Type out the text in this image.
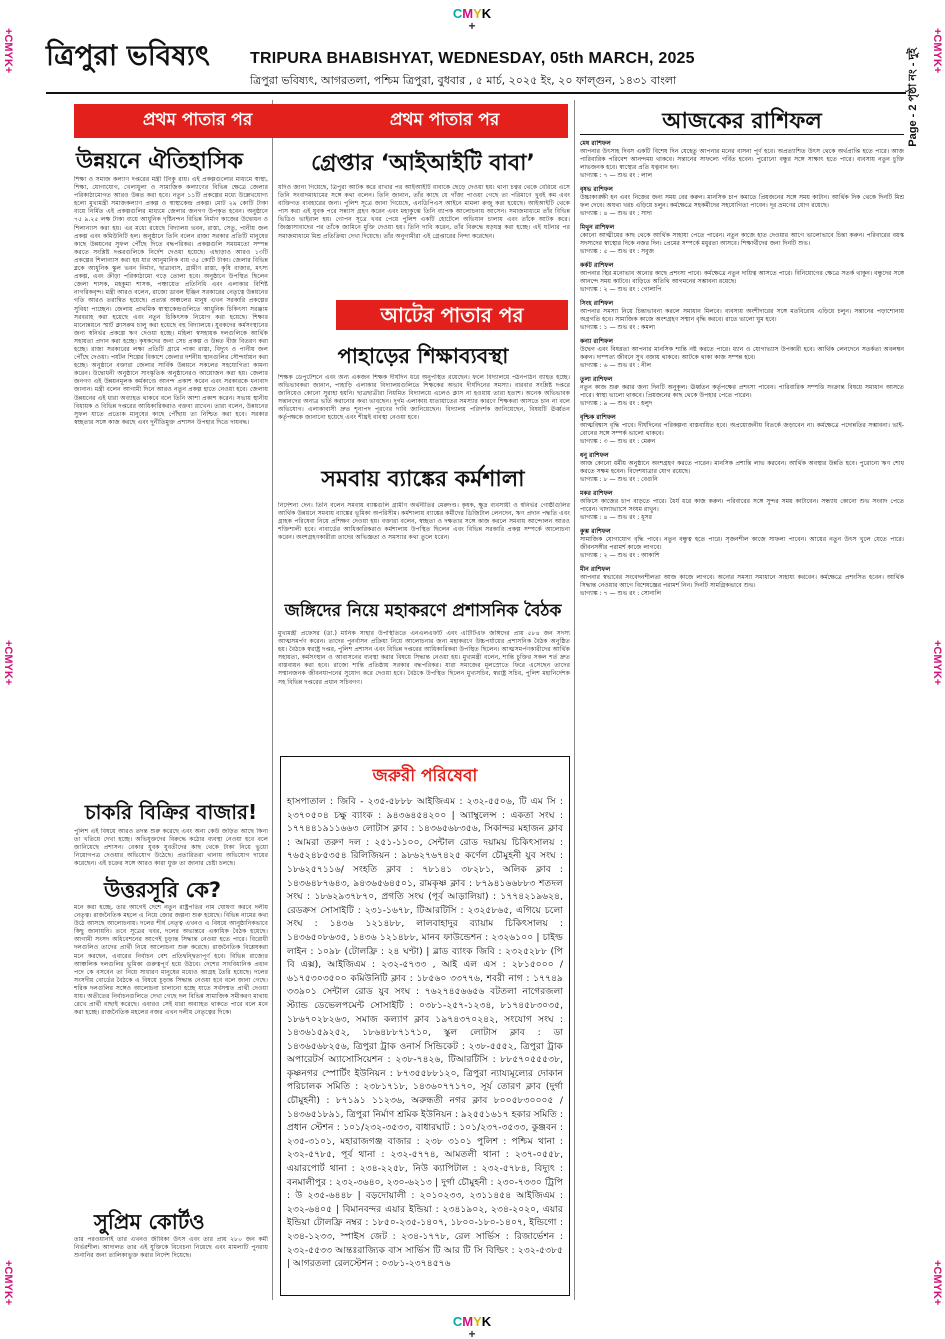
CMYK
+
CMYK
+
+CMYK+
+CMYK+
+CMYK+
+CMYK+
+CMYK+
+CMYK+
ত্রিপুরা ভবিষ্যৎ	TRIPURA BHABISHYAT, WEDNESDAY, 05th MARCH, 2025
ত্রিপুরা ভবিষ্যৎ, আগরতলা, পশ্চিম ত্রিপুরা, বুধবার , ৫ মার্চ, ২০২৫ ইং, ২০ ফাল্গুন, ১৪৩১ বাংলা	Page - 2 পৃষ্ঠা নং - দুই
প্রথম পাতার পর	প্রথম পাতার পর
উন্নয়নে ঐতিহাসিক
শিক্ষা ও সমাজ কল্যাণ দপ্তরের মন্ত্রী টিংকু রায়। এই প্রকল্পগুলোর মাধ্যমে স্বাস্থ্য, শিক্ষা, যোগাযোগ, খেলাধুলা ও সামাজিক কল্যাণের বিভিন্ন ক্ষেত্রে জেলার পরিকাঠামোগত আরও উন্নত করা হবে। নতুন ১১টি প্রকল্পের মধ্যে উল্লেখযোগ্য হলো মুখ্যমন্ত্রী সমাজকল্যাণ প্রকল্প ও স্বাস্থ্যকেন্দ্র প্রকল্প। মোট ২৯ কোটি টাকা ব্যয়ে নির্মিত এই প্রকল্পগুলির মাধ্যমে জেলার জনগণ উপকৃত হবেন। অনুষ্ঠানে ৭৫ ৯.২৫ লক্ষ টাকা ব্যয়ে আধুনিক দৃষ্টিনন্দন বিভিন্ন নির্মাণ কাজের উদ্বোধন ও শিলান্যাস করা হয়। এর মধ্যে রয়েছে বিদ্যালয় ভবন, রাস্তা, সেতু, পানীয় জল প্রকল্প এবং কমিউনিটি হল। অনুষ্ঠানে তিনি বলেন রাজ্য সরকার প্রতিটি মানুষের কাছে উন্নয়নের সুফল পৌঁছে দিতে বদ্ধপরিকর। প্রকল্পগুলি সময়মতো সম্পন্ন করতে সংশ্লিষ্ট দপ্তরগুলিকে নির্দেশ দেওয়া হয়েছে। এছাড়াও আরও ১৩টি প্রকল্পের শিলান্যাস করা হয় যার আনুমানিক ব্যয় ৩৫ কোটি টাকা। জেলার বিভিন্ন ব্লকে আধুনিক স্কুল ভবন নির্মাণ, ছাত্রাবাস, গ্রামীণ রাস্তা, কৃষি বাজার, মৎস্য প্রকল্প, এবং ক্রীড়া পরিকাঠামো গড়ে তোলা হবে। অনুষ্ঠানে উপস্থিত ছিলেন জেলা শাসক, মহকুমা শাসক, পঞ্চায়েত প্রতিনিধি এবং এলাকার বিশিষ্ট নাগরিকবৃন্দ। মন্ত্রী আরও বলেন, রাজ্যে ডাবল ইঞ্জিন সরকারের নেতৃত্বে উন্নয়নের গতি আরও তরান্বিত হয়েছে। প্রত্যন্ত অঞ্চলের মানুষ এখন সরকারি প্রকল্পের সুবিধা পাচ্ছেন। জেলায় প্রাথমিক স্বাস্থ্যকেন্দ্রগুলিতে আধুনিক চিকিৎসা সরঞ্জাম সরবরাহ করা হয়েছে এবং নতুন চিকিৎসক নিয়োগ করা হয়েছে। শিক্ষার মানোন্নয়নে স্মার্ট ক্লাসরুম চালু করা হয়েছে বহু বিদ্যালয়ে। যুবকদের কর্মসংস্থানের জন্য স্বনির্ভর প্রকল্পে ঋণ দেওয়া হচ্ছে। মহিলা স্বসহায়ক দলগুলিকে আর্থিক সহায়তা প্রদান করা হচ্ছে। কৃষকদের জন্য সেচ প্রকল্প ও উন্নত বীজ বিতরণ করা হচ্ছে। রাজ্য সরকারের লক্ষ্য প্রতিটি গ্রামে পাকা রাস্তা, বিদ্যুৎ ও পানীয় জল পৌঁছে দেওয়া। পর্যটন শিল্পের বিকাশে জেলার দর্শনীয় স্থানগুলির সৌন্দর্যায়ন করা হচ্ছে। অনুষ্ঠানে বক্তারা জেলার সার্বিক উন্নয়নে সকলের সহযোগিতা কামনা করেন। উদ্বোধনী অনুষ্ঠানে সাংস্কৃতিক অনুষ্ঠানেরও আয়োজন করা হয়। জেলার জনগণ এই উন্নয়নমূলক কর্মকাণ্ডে আনন্দ প্রকাশ করেন এবং সরকারকে ধন্যবাদ জানান। মন্ত্রী বলেন আগামী দিনে আরও নতুন প্রকল্প হাতে নেওয়া হবে। জেলায় উন্নয়নের এই ধারা অব্যাহত থাকবে বলে তিনি আশা প্রকাশ করেন। সভায় স্থানীয় বিধায়ক ও বিভিন্ন দপ্তরের আধিকারিকরাও বক্তব্য রাখেন। তারা বলেন, উন্নয়নের সুফল যাতে প্রত্যেক মানুষের কাছে পৌঁছায় তা নিশ্চিত করা হবে। সরকার স্বচ্ছতার সঙ্গে কাজ করছে এবং দুর্নীতিমুক্ত প্রশাসন উপহার দিতে দায়বদ্ধ।
চাকরি বিক্রির বাজার!
পুলিশ এই বিষয়ে আরও তদন্ত শুরু করেছে এবং অন্য কেউ জড়িত আছে কিনা তা খতিয়ে দেখা হচ্ছে। অভিযুক্তদের বিরুদ্ধে কঠোর ব্যবস্থা নেওয়া হবে বলে জানিয়েছে প্রশাসন। বেকার যুবক যুবতীদের কাছ থেকে টাকা নিয়ে ভুয়ো নিয়োগপত্র দেওয়ার অভিযোগ উঠেছে। প্রতারিতরা থানায় অভিযোগ দায়ের করেছেন। এই চক্রের সঙ্গে আরও কারা যুক্ত তা জানার চেষ্টা চলছে।
উত্তরসূরি কে?
মনে করা হচ্ছে, তার আগেই দেশে নতুন রাষ্ট্রপতির নাম ঘোষণা করবে দলীয় নেতৃত্ব। রাজনৈতিক মহলে এ নিয়ে জোর জল্পনা শুরু হয়েছে। বিভিন্ন নামের কথা উঠে আসছে আলোচনায়। দলের শীর্ষ নেতৃত্ব এখনও এ বিষয়ে আনুষ্ঠানিকভাবে কিছু জানায়নি। তবে সূত্রের খবর, দলের অভ্যন্তরে একাধিক বৈঠক হয়েছে। আগামী সংসদ অধিবেশনের আগেই চূড়ান্ত সিদ্ধান্ত নেওয়া হতে পারে। বিরোধী দলগুলিও তাদের প্রার্থী নিয়ে আলোচনা শুরু করেছে। রাজনৈতিক বিশ্লেষকরা মনে করছেন, এবারের নির্বাচন বেশ প্রতিদ্বন্দ্বিতাপূর্ণ হবে। বিভিন্ন রাজ্যের আঞ্চলিক দলগুলির ভূমিকা গুরুত্বপূর্ণ হয়ে উঠবে। দেশের সাংবিধানিক প্রধান পদে কে বসবেন তা নিয়ে সাধারণ মানুষের মধ্যেও আগ্রহ তৈরি হয়েছে। দলের সংসদীয় বোর্ডের বৈঠকে এ বিষয়ে চূড়ান্ত সিদ্ধান্ত নেওয়া হবে বলে জানা গেছে। শরিক দলগুলির সঙ্গেও আলোচনা চালানো হচ্ছে যাতে সর্বসম্মত প্রার্থী দেওয়া যায়। অতীতের নির্বাচনগুলিতে দেখা গেছে দল বিভিন্ন সামাজিক সমীকরণ মাথায় রেখে প্রার্থী বাছাই করেছে। এবারও সেই ধারা অব্যাহত থাকতে পারে বলে মনে করা হচ্ছে। রাজনৈতিক মহলের নজর এখন দলীয় নেতৃত্বের দিকে।
সুপ্রিম কোর্টও
তার পরওয়ানাই তার এখনও জীবিকা উৎস এবং তার প্রায় ২৮০ জন কর্মী নির্ভরশীল। আদালত তার এই যুক্তিকে বিবেচনা নিয়েছে এবং মামলাটি পুনরায় শুনানির জন্য তালিকাভুক্ত করার নির্দেশ দিয়েছে।
গ্রেপ্তার ‘আইআইটি বাবা’
যদিও জানা গিয়েছে, ত্রিপুরা আটক করে রাখার পর আইআইটি বাবাকে ছেড়ে দেওয়া হয়। থানা চত্বর থেকে বেরিয়ে এসে তিনি সংবাদমাধ্যমের সঙ্গে কথা বলেন। তিনি জানান, তাঁর কাছে যে গাঁজা পাওয়া গেছে তা পরিমাণে খুবই কম এবং ব্যক্তিগত ব্যবহারের জন্য। পুলিশ সূত্রে জানা গিয়েছে, এনডিপিএস আইনে মামলা রুজু করা হয়েছে। আইআইটি থেকে পাস করা এই যুবক পরে সন্ন্যাস গ্রহণ করেন এবং মহাকুম্ভে তিনি ব্যাপক আলোচনায় আসেন। সমাজমাধ্যমে তাঁর বিভিন্ন ভিডিও ভাইরাল হয়। গোপন সূত্রে খবর পেয়ে পুলিশ একটি হোটেলে অভিযান চালায় এবং তাঁকে আটক করে। জিজ্ঞাসাবাদের পর তাঁকে জামিনে মুক্তি দেওয়া হয়। তিনি দাবি করেন, তাঁর বিরুদ্ধে ষড়যন্ত্র করা হচ্ছে। এই ঘটনার পর সমাজমাধ্যমে মিশ্র প্রতিক্রিয়া দেখা দিয়েছে। তাঁর অনুগামীরা এই গ্রেপ্তারের নিন্দা করেছেন।
আটের পাতার পর
পাহাড়ের শিক্ষাব্যবস্থা
শিক্ষক ডেপুটেশনে এবং অন্য একজন শিক্ষক দীর্ঘদিন ধরে অনুপস্থিত রয়েছেন। ফলে বিদ্যালয়ে পঠনপাঠন ব্যাহত হচ্ছে। অভিভাবকরা জানান, পাহাড়ি এলাকার বিদ্যালয়গুলিতে শিক্ষকের অভাব দীর্ঘদিনের সমস্যা। বারবার সংশ্লিষ্ট দপ্তরে জানিয়েও কোনো সুরাহা হয়নি। ছাত্রছাত্রীরা নিয়মিত বিদ্যালয়ে এলেও ক্লাস না হওয়ায় তারা হতাশ। অনেক অভিভাবক সন্তানদের অন্যত্র ভর্তি করানোর কথা ভাবছেন। দুর্গম এলাকায় যাতায়াতের সমস্যার কারণে শিক্ষকরা আসতে চান না বলে অভিযোগ। এলাকাবাসী দ্রুত শূন্যপদ পূরণের দাবি জানিয়েছেন। বিদ্যালয় পরিদর্শক জানিয়েছেন, বিষয়টি ঊর্ধ্বতন কর্তৃপক্ষকে জানানো হয়েছে এবং শীঘ্রই ব্যবস্থা নেওয়া হবে।
সমবায় ব্যাঙ্কের কর্মশালা
নির্দেশনা দেন। তিনি বলেন সমবায় ব্যাঙ্কগুলি গ্রামীণ অর্থনীতির মেরুদণ্ড। কৃষক, ক্ষুদ্র ব্যবসায়ী ও স্বনির্ভর গোষ্ঠীগুলির আর্থিক উন্নয়নে সমবায় ব্যাঙ্কের ভূমিকা অপরিসীম। কর্মশালায় ব্যাঙ্কের কর্মীদের ডিজিটাল লেনদেন, ঋণ প্রদান পদ্ধতি এবং গ্রাহক পরিষেবা নিয়ে প্রশিক্ষণ দেওয়া হয়। বক্তারা বলেন, স্বচ্ছতা ও দক্ষতার সঙ্গে কাজ করলে সমবায় আন্দোলন আরও শক্তিশালী হবে। নাবার্ডের আধিকারিকরাও কর্মশালায় উপস্থিত ছিলেন এবং বিভিন্ন সরকারি প্রকল্প সম্পর্কে আলোচনা করেন। অংশগ্রহণকারীরা তাদের অভিজ্ঞতা ও সমস্যার কথা তুলে ধরেন।
জঙ্গিদের নিয়ে মহাকরণে প্রশাসনিক বৈঠক
মুখ্যমন্ত্রী প্রফেসর (ডা.) মানিক সাহার উপস্থিতিতে এনএলএফটি এবং এটিটিএফ জঙ্গিদের প্রায় ৫৮৪ জন সদস্য আত্মসমর্পণ করেন। তাদের পুনর্বাসন প্রক্রিয়া নিয়ে আলোচনার জন্য মহাকরণে উচ্চপর্যায়ের প্রশাসনিক বৈঠক অনুষ্ঠিত হয়। বৈঠকে স্বরাষ্ট্র দপ্তর, পুলিশ প্রশাসন এবং বিভিন্ন দপ্তরের আধিকারিকরা উপস্থিত ছিলেন। আত্মসমর্পণকারীদের আর্থিক সহায়তা, কর্মসংস্থান ও আবাসনের ব্যবস্থা করার বিষয়ে সিদ্ধান্ত নেওয়া হয়। মুখ্যমন্ত্রী বলেন, শান্তি চুক্তির সকল শর্ত দ্রুত বাস্তবায়ন করা হবে। রাজ্যে শান্তি প্রতিষ্ঠায় সরকার বদ্ধপরিকর। যারা সমাজের মূলস্রোতে ফিরে এসেছেন তাদের সম্মানজনক জীবনযাপনের সুযোগ করে দেওয়া হবে। বৈঠকে উপস্থিত ছিলেন মুখ্যসচিব, স্বরাষ্ট্র সচিব, পুলিশ মহানির্দেশক সহ বিভিন্ন দপ্তরের প্রধান সচিবগণ।
জরুরী পরিষেবা
হাসপাতাল : জিবি - ২৩৫-৫৮৮৮ আইজিএম : ২৩২-৫৫০৬, টি এম সি : ২৩৭০৫০৪ চক্ষু ব্যাংক : ৯৪৩৬৪৫৪২০০ | অ্যাম্বুলেন্স : একতা সংঘ : ১৭৭৪৪১৯১১৬৬৩ লোটাস ক্লাব : ১৪৩৬৫৬৮৩৫৬, সিকান্দর মহাজন ক্লাব : আমরা তরুণ দল : ২৫১-১১০০, সেন্টাল রোড দয়াময় চিকিৎসালয় : ৭৬৫২৪৮৫৩৫৪ রিলিজিয়ন : ৯৮৬২৭৬৭৪২৫ কর্ণেল চৌমুহনী যুব সংঘ : ১৮৬২৫৭১১৬/ সংহতি ক্লাব : ৭৮১৪১ ৩৮২৮১, অলিক ক্লাব : ১৪৩৬৪৮৭৬৪৩, ৯৪৩৬৫৬৪৫০১, রামকৃষ্ণ ক্লাব : ৮৭৯৪১৬৬৮৮৩ শতদল সংঘ : ১৮৬২৯৩৭৮৭০, প্রগতি সংঘ (পূর্ব আড়ালিয়া) : ১৭৭৪২১৯৬২৪, রেডক্রস সোসাইটি : ২৩১-১৬৭৮, টিআরটিসি : ২৩২৫৮৬৫, এগিয়ে চলো সংঘ : ১৪৩৬ ১২১৪৮৮, লালবাহাদুর ব্যায়াম চিকিৎসালয় : ১৪৩৬৫০৮৬৩৫, ১৪৩৬ ১২১৪৮৮, মানব ফাউন্ডেশন : ২৩২৬১০০ | চাইল্ড লাইন : ১০৯৮ (টোলফ্রি : ২৪ ঘণ্টা) | ব্লাড ব্যাংক জিবি : ২৩২৫২৮৮ (পি বি এক্স), আইজিএম : ২৩২-৫৭৩৩ , আই এল এস : ২৮১৫০০০ / ৬১৭৫৩০৩৫০০ কমিউনিটি ক্লাব : ১৮৫৬০ ৩৩৭৭৬, শবরী নাগ : ১৭৭৪৯ ৩৩৯০১ সেন্টাল রোড যুব সংঘ : ৭৬২৭৪৫৬৬৫৬ বটতলা নাগেরজলা স্ট্যান্ড ডেভেলপমেন্ট সোসাইটি : ০৩৮১-২৫৭-১২৩৪, ৮১৭৪৫৮৩০৩৫, ১৮৬৭০২৮২৬৩, সমাজ কল্যাণ ক্লাব ১৯৭৪৩৭০২৪২, সংযোগ সংঘ : ১৪৩৬১৫৯২৫২, ১৮৬৪৮৮৭১৭১০, স্কুল লোটাস ক্লাব : ডা ১৪৩৬৫৬৮২৫৬, ত্রিপুরা ট্রাক ওনার্স সিন্ডিকেট : ২৩৮-৫৫৫২, ত্রিপুরা ট্রাক অপারেটর্স অ্যাসোসিয়েশন : ২৩৮-৭৪২৬, টিআরটিসি : ৮৮৫৭০৫৫৫৩৮, কৃষ্ণনগর স্পোর্টিং ইউনিয়ন : ৮৭৩৫৫৮৮১২০, ত্রিপুরা ন্যায্যমূল্যের দোকান পরিচালক সমিতি : ২৩৮১৭১৮, ১৪৩৬০৭৭১৭০, সূর্য তোরণ ক্লাব (দুর্গা চৌমুহনী) : ৮৭১৯১ ১১২৩৬, অরুন্ধতী নগর ক্লাব ৮০০৫৮৩০০০৫ / ১৪৩৬৫১৮৯১, ত্রিপুরা নির্মাণ শ্রমিক ইউনিয়ন : ৯২৫৫১৬১৭ হকার সমিতি : প্রধান স্টেশন : ১০১/২৩২-৩৫৩৩, বাধারঘাট : ১০১/২৩৭-৩৫৩৩, কুঞ্জবন : ২৩৫-৩১০১, মহারাজগঞ্জ বাজার : ২৩৮ ৩১০১ পুলিশ : পশ্চিম থানা : ২৩২-৫৭৮৫, পূর্ব থানা : ২৩২-৫৭৭৪, আমতলী থানা : ২৩৭-০৫৫৮, এয়ারপোর্ট থানা : ২৩৪-২২৫৮, নিউ ক্যাপিটাল : ২৩২-৫৭৮৪, বিদ্যুৎ : বনমালীপুর : ২৩২-৩৬৪০, ২৩০-৬২১৩ | দুর্গা চৌমুহনী : ২৩০-৭৩৩০ ট্রিপি : উ ২৩৫-৬৪৪৮ | বড়দোয়ালী : ২০১০২৩৩, ২৩১১৪৫৪ আইজিএম : ২৩২-৬৪০৫ | বিমানবন্দর এয়ার ইন্ডিয়া : ২৩৪১৯০২, ২৩৪-২০২০, এয়ার ইন্ডিয়া টোলফ্রি নম্বর : ১৮৫০-২৩৫-১৪০৭, ১৮০০-১৮০-১৪০৭, ইন্ডিগো : ২৩৪-১২৩৩, স্পাইস জেট : ২৩৪-১৭৭৮, রেল সার্ভিস : রিজার্ভেশন : ২৩২-৫৫৩৩ আন্তঃরাজ্যিক বাস সার্ভিস টি আর টি সি বিল্ডিং : ২৩২-৫৩৮৫ | আগরতলা রেলস্টেশন : ০৩৮১-২৩৭৪৫৭৬
আজকের রাশিফল
মেষ রাশিফল
আপনার উৎসাহ দিবস একটি বিশেষ দিন যেহেতু আপনার মনের বাসনা পূর্ণ হবে। অপ্রত্যাশিত উৎস থেকে অর্থপ্রাপ্তি হতে পারে। আজ পারিবারিক পরিবেশ আনন্দময় থাকবে। সন্তানের সাফল্যে গর্বিত হবেন। পুরোনো বন্ধুর সঙ্গে সাক্ষাৎ হতে পারে। ব্যবসায় নতুন চুক্তি লাভজনক হবে। স্বাস্থ্যের প্রতি যত্নবান হন।
ভাগ্যাঙ্ক : ৭ — শুভ রং : লাল
বৃষভ রাশিফল
উচ্চাকাঙ্ক্ষী হন এবং নিজের জন্য সময় বের করুন। মানসিক চাপ কমাতে প্রিয়জনের সঙ্গে সময় কাটান। আর্থিক দিক থেকে দিনটি মিশ্র ফল দেবে। অযথা খরচ এড়িয়ে চলুন। কর্মক্ষেত্রে সহকর্মীদের সহযোগিতা পাবেন। দূর ভ্রমণের যোগ রয়েছে।
ভাগ্যাঙ্ক : ৪ — শুভ রং : সাদা
মিথুন রাশিফল
কোনো আত্মীয়ের কাছ থেকে আর্থিক সাহায্য পেতে পারেন। নতুন কাজে হাত দেওয়ার আগে ভালোভাবে চিন্তা করুন। পরিবারের বয়স্ক সদস্যদের স্বাস্থ্যের দিকে নজর দিন। প্রেমের সম্পর্কে মধুরতা আসবে। শিক্ষার্থীদের জন্য দিনটি শুভ।
ভাগ্যাঙ্ক : ৫ — শুভ রং : সবুজ
কর্কট রাশিফল
আপনার স্থির মনোভাব অন্যের কাছে প্রশংসা পাবে। কর্মক্ষেত্রে নতুন দায়িত্ব আসতে পারে। বিনিয়োগের ক্ষেত্রে সতর্ক থাকুন। বন্ধুদের সঙ্গে আনন্দে সময় কাটবে। বাড়িতে অতিথি আগমনের সম্ভাবনা রয়েছে।
ভাগ্যাঙ্ক : ২ — শুভ রং : গোলাপি
সিংহ রাশিফল
আপনার সমস্যা নিয়ে চিন্তাভাবনা করলে সমাধান মিলবে। ব্যবসায় অংশীদারের সঙ্গে মতবিরোধ এড়িয়ে চলুন। সন্তানের পড়াশোনায় অগ্রগতি হবে। সামাজিক কাজে অংশগ্রহণ সম্মান বৃদ্ধি করবে। রাতে ভালো ঘুম হবে।
ভাগ্যাঙ্ক : ১ — শুভ রং : কমলা
কন্যা রাশিফল
উদ্বেগ এবং বিষণ্ণতা আপনার মানসিক শান্তি নষ্ট করতে পারে। ধ্যান ও যোগাভ্যাস উপকারী হবে। আর্থিক লেনদেনে সতর্কতা অবলম্বন করুন। দাম্পত্য জীবনে সুখ বজায় থাকবে। আটকে থাকা কাজ সম্পন্ন হবে।
ভাগ্যাঙ্ক : ৬ — শুভ রং : নীল
তুলা রাশিফল
নতুন কাজ শুরু করার জন্য দিনটি অনুকূল। ঊর্ধ্বতন কর্তৃপক্ষের প্রশংসা পাবেন। পারিবারিক সম্পত্তি সংক্রান্ত বিষয়ে সমাধান আসতে পারে। স্বাস্থ্য ভালো থাকবে। প্রিয়জনের কাছ থেকে উপহার পেতে পারেন।
ভাগ্যাঙ্ক : ৯ — শুভ রং : হলুদ
বৃশ্চিক রাশিফল
আত্মবিশ্বাস বৃদ্ধি পাবে। দীর্ঘদিনের পরিকল্পনা বাস্তবায়িত হবে। অপ্রয়োজনীয় বিতর্কে জড়াবেন না। কর্মক্ষেত্রে পদোন্নতির সম্ভাবনা। ভাই-বোনের সঙ্গে সম্পর্ক ভালো থাকবে।
ভাগ্যাঙ্ক : ৩ — শুভ রং : মেরুন
ধনু রাশিফল
আজ কোনো ধর্মীয় অনুষ্ঠানে অংশগ্রহণ করতে পারেন। মানসিক প্রশান্তি লাভ করবেন। আর্থিক অবস্থার উন্নতি হবে। পুরোনো ঋণ শোধ করতে সক্ষম হবেন। বিদেশযাত্রার যোগ রয়েছে।
ভাগ্যাঙ্ক : ৮ — শুভ রং : বেগুনি
মকর রাশিফল
অফিসে কাজের চাপ বাড়তে পারে। ধৈর্য ধরে কাজ করুন। পরিবারের সঙ্গে সুন্দর সময় কাটাবেন। সন্ধ্যায় কোনো শুভ সংবাদ পেতে পারেন। খাদ্যাভ্যাসে সংযম রাখুন।
ভাগ্যাঙ্ক : ৪ — শুভ রং : ধূসর
কুম্ভ রাশিফল
সামাজিক যোগাযোগ বৃদ্ধি পাবে। নতুন বন্ধুত্ব হতে পারে। সৃজনশীল কাজে সাফল্য পাবেন। আয়ের নতুন উৎস খুলে যেতে পারে। জীবনসঙ্গীর পরামর্শ কাজে লাগবে।
ভাগ্যাঙ্ক : ২ — শুভ রং : আকাশি
মীন রাশিফল
আপনার স্বভাবের সংবেদনশীলতা আজ কাজে লাগবে। অন্যের সমস্যা সমাধানে সাহায্য করবেন। কর্মক্ষেত্রে প্রশংসিত হবেন। আর্থিক সিদ্ধান্ত নেওয়ার আগে বিশেষজ্ঞের পরামর্শ নিন। দিনটি সামগ্রিকভাবে শুভ।
ভাগ্যাঙ্ক : ৭ — শুভ রং : সোনালি
